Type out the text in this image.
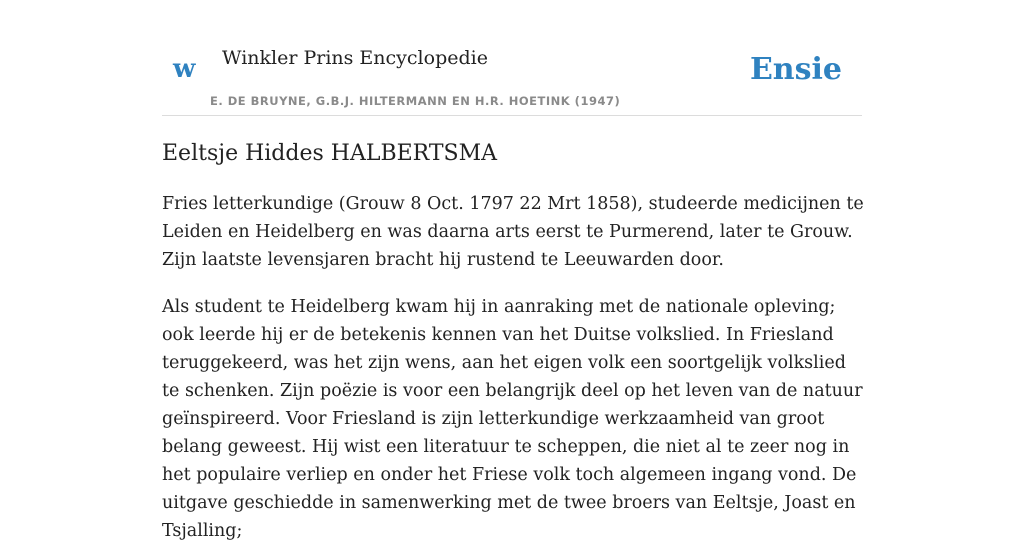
w Winkler Prins Encyclopedie
E. DE BRUYNE, G.B.J. HILTERMANN EN H.R. HOETINK (1947)
Ensie
Eeltsje Hiddes HALBERTSMA

Fries letterkundige (Grouw 8 Oct. 1797 22 Mrt 1858), studeerde medicijnen te Leiden en Heidelberg en was daarna arts eerst te Purmerend, later te Grouw. Zijn laatste levensjaren bracht hij rustend te Leeuwarden door.

Als student te Heidelberg kwam hij in aanraking met de nationale opleving; ook leerde hij er de betekenis kennen van het Duitse volkslied. In Friesland teruggekeerd, was het zijn wens, aan het eigen volk een soortgelijk volkslied te schenken. Zijn poëzie is voor een belangrijk deel op het leven van de natuur geïnspireerd. Voor Friesland is zijn letterkundige werkzaamheid van groot belang geweest. Hij wist een literatuur te scheppen, die niet al te zeer nog in het populaire verliep en onder het Friese volk toch algemeen ingang vond. De uitgave geschiedde in samenwerking met de twee broers van Eeltsje, Joast en Tsjalling;
